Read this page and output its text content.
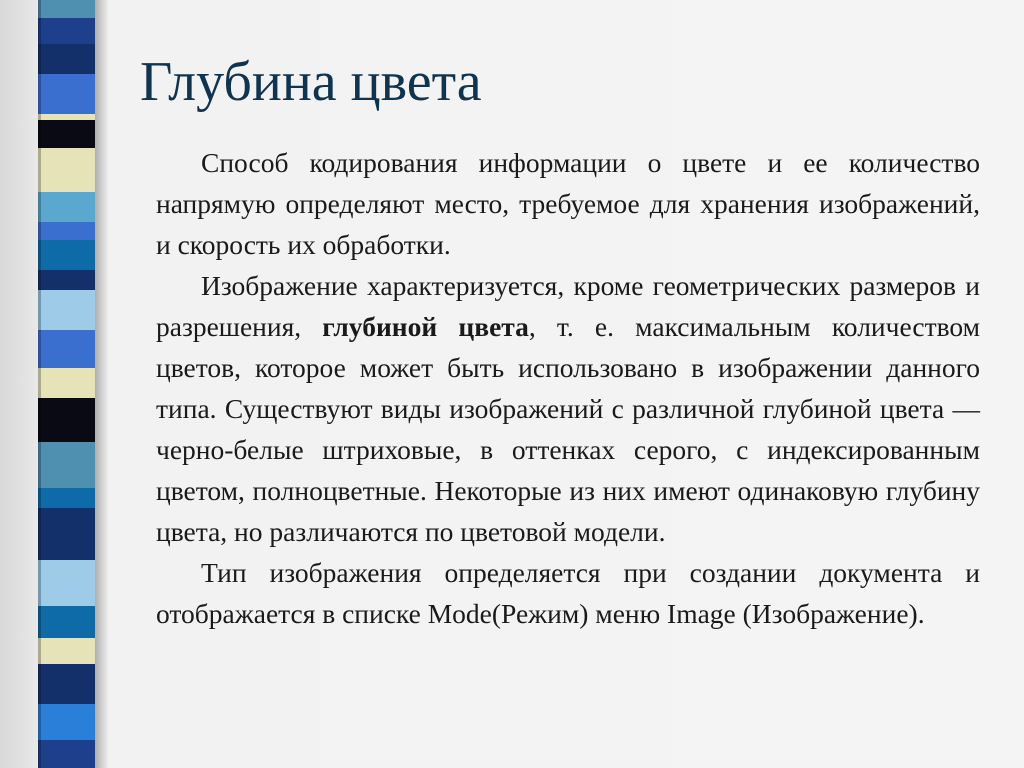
Глубина цвета

Способ кодирования информации о цвете и ее количество напрямую определяют место, требуемое для хранения изображений, и скорость их обработки.

Изображение характеризуется, кроме геометрических размеров и разрешения, глубиной цвета, т. е. максимальным количеством цветов, которое может быть использовано в изображении данного типа. Существуют виды изображений с различной глубиной цвета — черно-белые штриховые, в оттенках серого, с индексированным цветом, полноцветные. Некоторые из них имеют одинаковую глубину цвета, но различаются по цветовой модели.

Тип изображения определяется при создании документа и отображается в списке Mode(Режим) меню Image (Изображение).
